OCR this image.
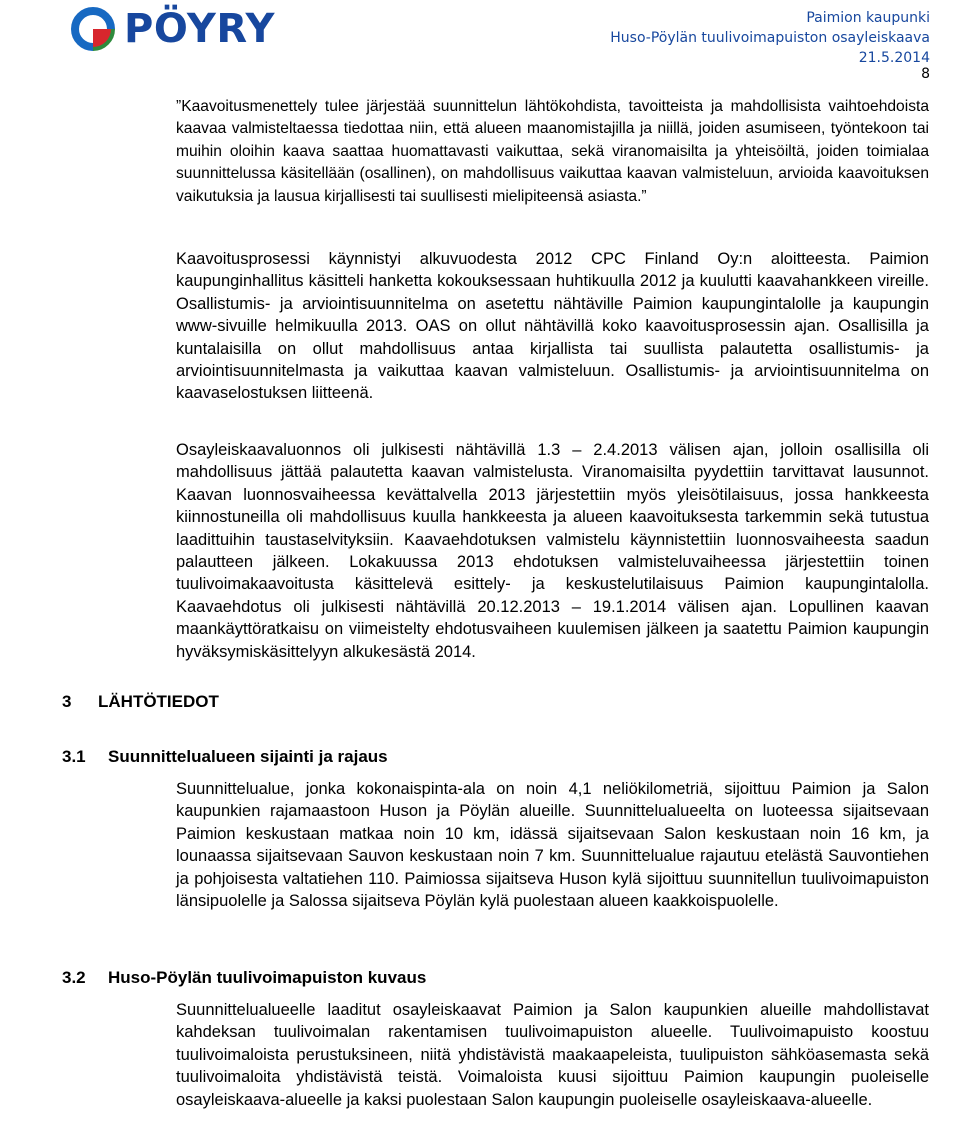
PÖYRY	Paimion kaupunki
Huso-Pöylän tuulivoimapuiston osayleiskaava
21.5.2014
8

”Kaavoitusmenettely tulee järjestää suunnittelun lähtökohdista, tavoitteista ja mahdollisista vaihtoehdoista kaavaa valmisteltaessa tiedottaa niin, että alueen maanomistajilla ja niillä, joiden asumiseen, työntekoon tai muihin oloihin kaava saattaa huomattavasti vaikuttaa, sekä viranomaisilta ja yhteisöiltä, joiden toimialaa suunnittelussa käsitellään (osallinen), on mahdollisuus vaikuttaa kaavan valmisteluun, arvioida kaavoituksen vaikutuksia ja lausua kirjallisesti tai suullisesti mielipiteensä asiasta.”

Kaavoitusprosessi käynnistyi alkuvuodesta 2012 CPC Finland Oy:n aloitteesta. Paimion kaupunginhallitus käsitteli hanketta kokouksessaan huhtikuulla 2012 ja kuulutti kaavahankkeen vireille. Osallistumis- ja arviointisuunnitelma on asetettu nähtäville Paimion kaupungintalolle ja kaupungin www-sivuille helmikuulla 2013. OAS on ollut nähtävillä koko kaavoitusprosessin ajan. Osallisilla ja kuntalaisilla on ollut mahdollisuus antaa kirjallista tai suullista palautetta osallistumis- ja arviointisuunnitelmasta ja vaikuttaa kaavan valmisteluun. Osallistumis- ja arviointisuunnitelma on kaavaselostuksen liitteenä.

Osayleiskaavaluonnos oli julkisesti nähtävillä 1.3 – 2.4.2013 välisen ajan, jolloin osallisilla oli mahdollisuus jättää palautetta kaavan valmistelusta. Viranomaisilta pyydettiin tarvittavat lausunnot. Kaavan luonnosvaiheessa kevättalvella 2013 järjestettiin myös yleisötilaisuus, jossa hankkeesta kiinnostuneilla oli mahdollisuus kuulla hankkeesta ja alueen kaavoituksesta tarkemmin sekä tutustua laadittuihin taustaselvityksiin. Kaavaehdotuksen valmistelu käynnistettiin luonnosvaiheesta saadun palautteen jälkeen. Lokakuussa 2013 ehdotuksen valmisteluvaiheessa järjestettiin toinen tuulivoimakaavoitusta käsittelevä esittely- ja keskustelutilaisuus Paimion kaupungintalolla. Kaavaehdotus oli julkisesti nähtävillä 20.12.2013 – 19.1.2014 välisen ajan. Lopullinen kaavan maankäyttöratkaisu on viimeistelty ehdotusvaiheen kuulemisen jälkeen ja saatettu Paimion kaupungin hyväksymiskäsittelyyn alkukesästä 2014.

3 LÄHTÖTIEDOT
3.1 Suunnittelualueen sijainti ja rajaus

Suunnittelualue, jonka kokonaispinta-ala on noin 4,1 neliökilometriä, sijoittuu Paimion ja Salon kaupunkien rajamaastoon Huson ja Pöylän alueille. Suunnittelualueelta on luoteessa sijaitsevaan Paimion keskustaan matkaa noin 10 km, idässä sijaitsevaan Salon keskustaan noin 16 km, ja lounaassa sijaitsevaan Sauvon keskustaan noin 7 km. Suunnittelualue rajautuu etelästä Sauvontiehen ja pohjoisesta valtatiehen 110. Paimiossa sijaitseva Huson kylä sijoittuu suunnitellun tuulivoimapuiston länsipuolelle ja Salossa sijaitseva Pöylän kylä puolestaan alueen kaakkoispuolelle.

3.2 Huso-Pöylän tuulivoimapuiston kuvaus

Suunnittelualueelle laaditut osayleiskaavat Paimion ja Salon kaupunkien alueille mahdollistavat kahdeksan tuulivoimalan rakentamisen tuulivoimapuiston alueelle. Tuulivoimapuisto koostuu tuulivoimaloista perustuksineen, niitä yhdistävistä maakaapeleista, tuulipuiston sähköasemasta sekä tuulivoimaloita yhdistävistä teistä. Voimaloista kuusi sijoittuu Paimion kaupungin puoleiselle osayleiskaava-alueelle ja kaksi puolestaan Salon kaupungin puoleiselle osayleiskaava-alueelle.
